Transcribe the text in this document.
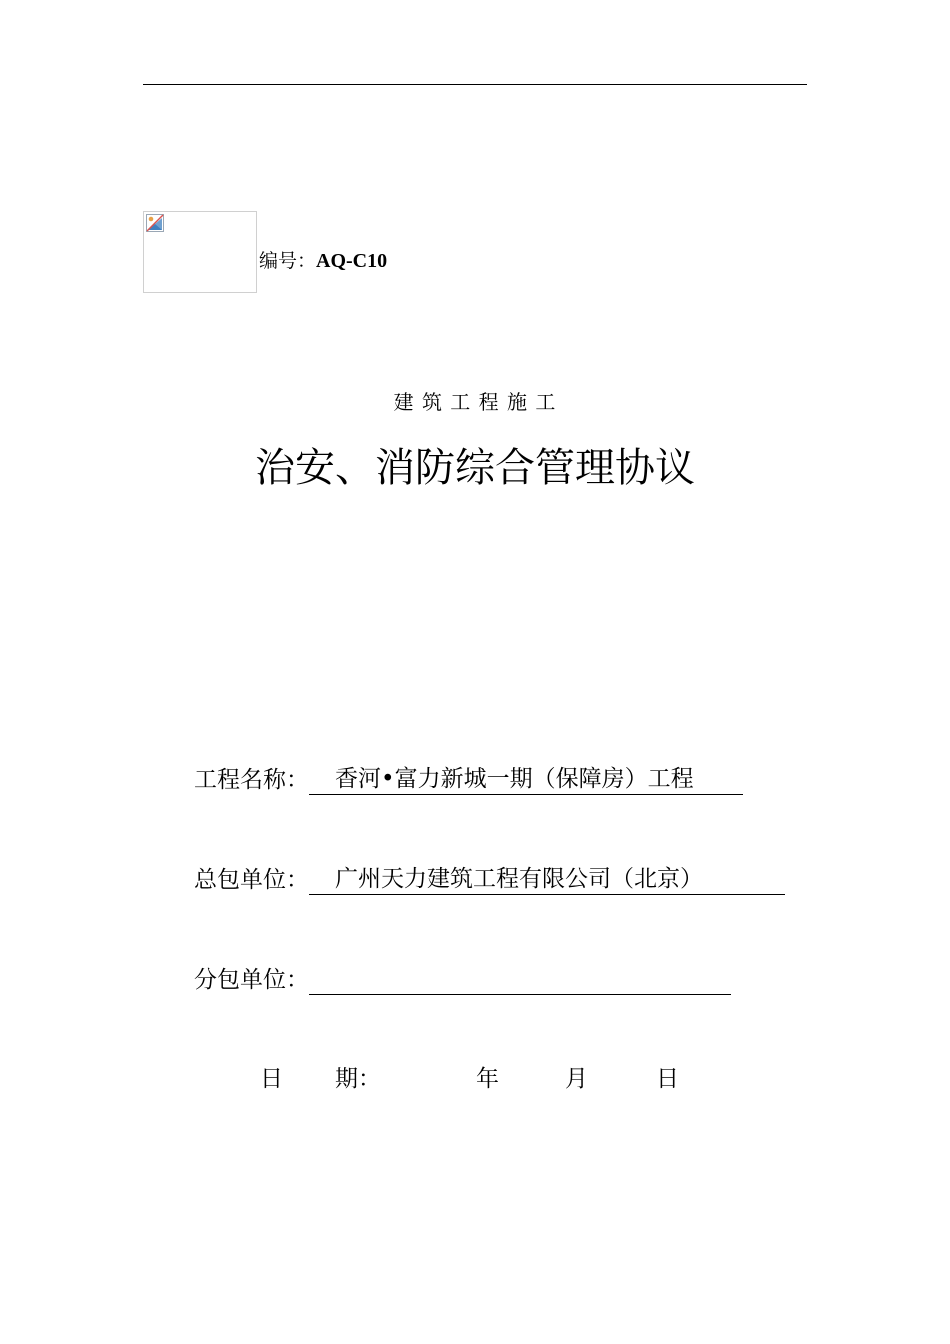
编号：AQ-C10
建 筑 工 程 施 工
治安、消防综合管理协议
工程名称： 香河•富力新城一期（保障房）工程
总包单位： 广州天力建筑工程有限公司（北京）
分包单位：
日 期：	年	月	日
